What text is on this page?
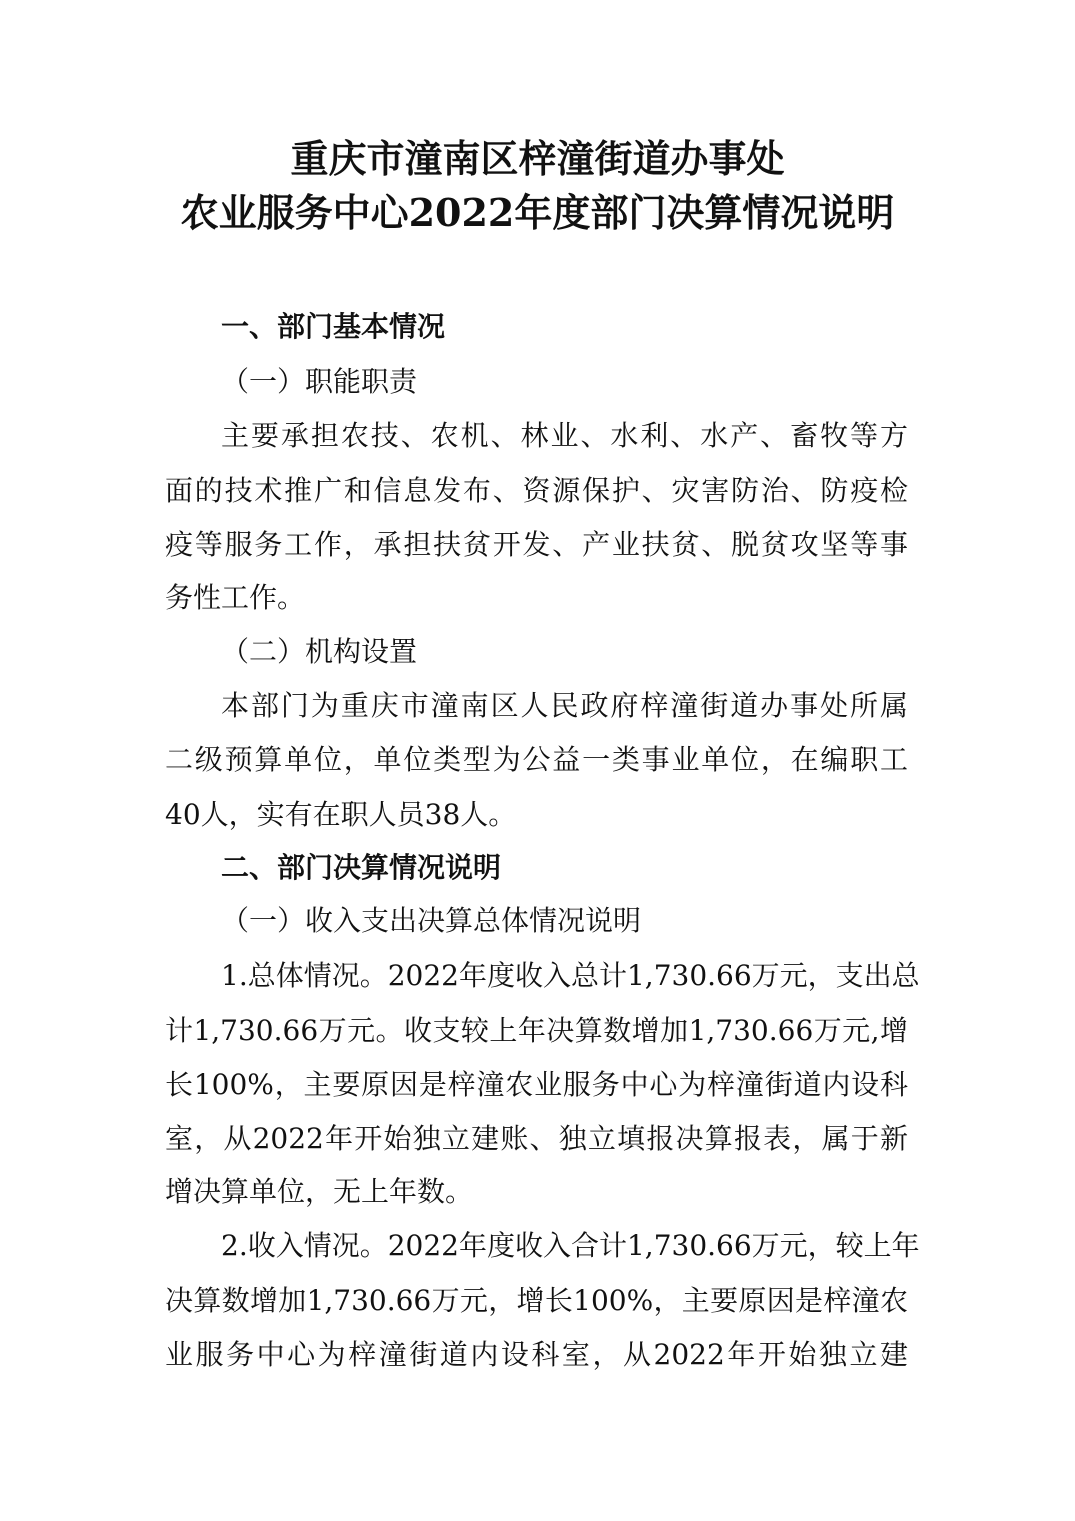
重庆市潼南区梓潼街道办事处
农业服务中心2022年度部门决算情况说明
一、部门基本情况
（一）职能职责
主要承担农技、农机、林业、水利、水产、畜牧等方
面的技术推广和信息发布、资源保护、灾害防治、防疫检
疫等服务工作，承担扶贫开发、产业扶贫、脱贫攻坚等事
务性工作。
（二）机构设置
本部门为重庆市潼南区人民政府梓潼街道办事处所属
二级预算单位，单位类型为公益一类事业单位，在编职工
40人，实有在职人员38人。
二、部门决算情况说明
（一）收入支出决算总体情况说明
1.总体情况。2022年度收入总计1,730.66万元，支出总
计1,730.66万元。收支较上年决算数增加1,730.66万元,增
长100%，主要原因是梓潼农业服务中心为梓潼街道内设科
室，从2022年开始独立建账、独立填报决算报表，属于新
增决算单位，无上年数。
2.收入情况。2022年度收入合计1,730.66万元，较上年
决算数增加1,730.66万元，增长100%，主要原因是梓潼农
业服务中心为梓潼街道内设科室，从2022年开始独立建
